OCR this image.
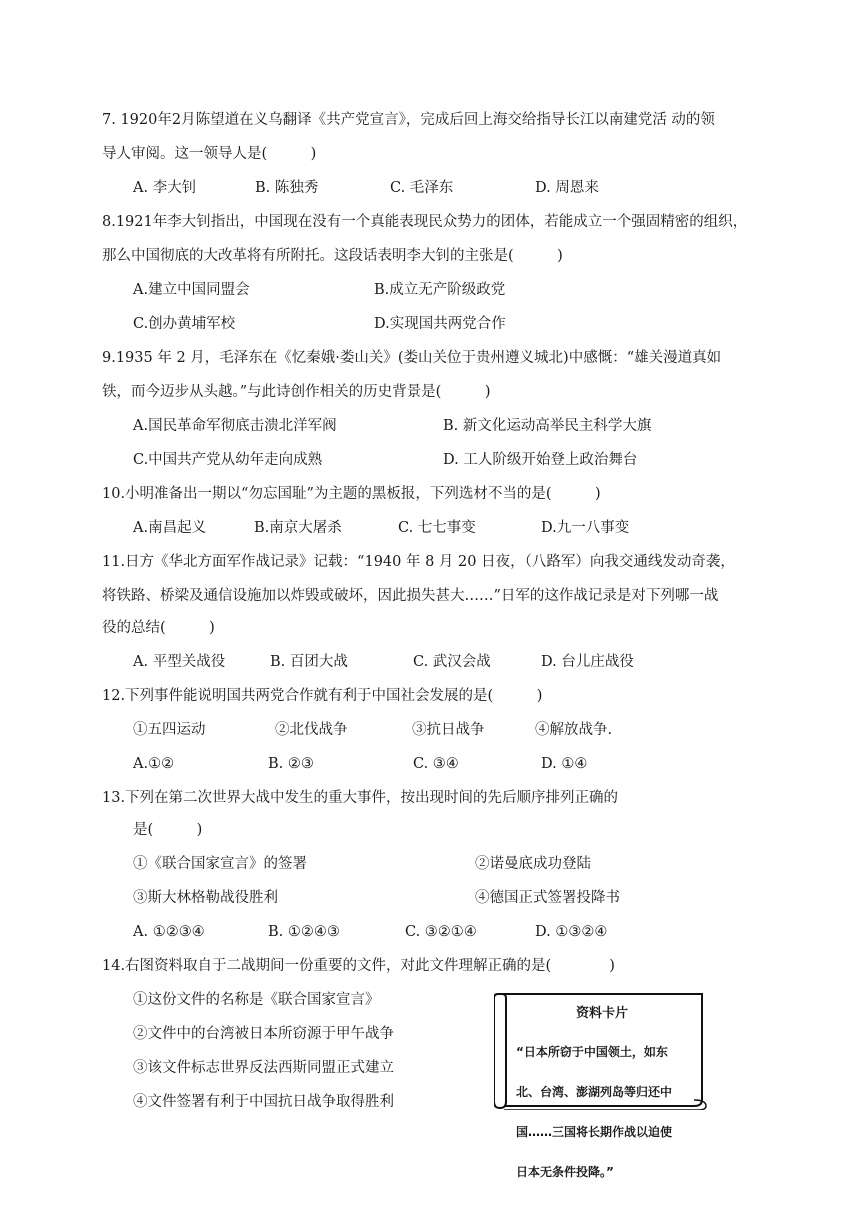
7. 1920年2月陈望道在义乌翻译《共产党宣言》，完成后回上海交给指导长江以南建党活 动的领
导人审阅。这一领导人是(　　　)
A. 李大钊	B. 陈独秀	C. 毛泽东	D. 周恩来
8.1921年李大钊指出，中国现在没有一个真能表现民众势力的团体，若能成立一个强固精密的组织，
那么中国彻底的大改革将有所附托。这段话表明李大钊的主张是(　　　)
A.建立中国同盟会	B.成立无产阶级政党
C.创办黄埔军校	D.实现国共两党合作
9.1935 年 2 月，毛泽东在《忆秦娥·娄山关》(娄山关位于贵州遵义城北)中感慨：“雄关漫道真如
铁，而今迈步从头越。”与此诗创作相关的历史背景是(　　　)
A.国民革命军彻底击溃北洋军阀	B. 新文化运动高举民主科学大旗
C.中国共产党从幼年走向成熟	D. 工人阶级开始登上政治舞台
10.小明准备出一期以“勿忘国耻”为主题的黑板报，下列选材不当的是(　　　)
A.南昌起义	B.南京大屠杀	C. 七七事变	D.九一八事变
11.日方《华北方面军作战记录》记载：“1940 年 8 月 20 日夜，（八路军）向我交通线发动奇袭，
将铁路、桥梁及通信设施加以炸毁或破坏，因此损失甚大……”日军的这作战记录是对下列哪一战
役的总结(　　　)
A. 平型关战役	B. 百团大战	C. 武汉会战	D. 台儿庄战役
12.下列事件能说明国共两党合作就有利于中国社会发展的是(　　　)
①五四运动	②北伐战争	③抗日战争	④解放战争.
A.①②	B. ②③	C. ③④	D. ①④
13.下列在第二次世界大战中发生的重大事件，按出现时间的先后顺序排列正确的
是(　　　)
①《联合国家宣言》的签署	②诺曼底成功登陆
③斯大林格勒战役胜利	④德国正式签署投降书
A. ①②③④	B. ①②④③	C. ③②①④	D. ①③②④
14.右图资料取自于二战期间一份重要的文件，对此文件理解正确的是(　　　　)
①这份文件的名称是《联合国家宣言》
②文件中的台湾被日本所窃源于甲午战争
③该文件标志世界反法西斯同盟正式建立
④文件签署有利于中国抗日战争取得胜利
资料卡片

“日本所窃于中国领土，如东

北、台湾、澎湖列岛等归还中

国……三国将长期作战以迫使

日本无条件投降。”
